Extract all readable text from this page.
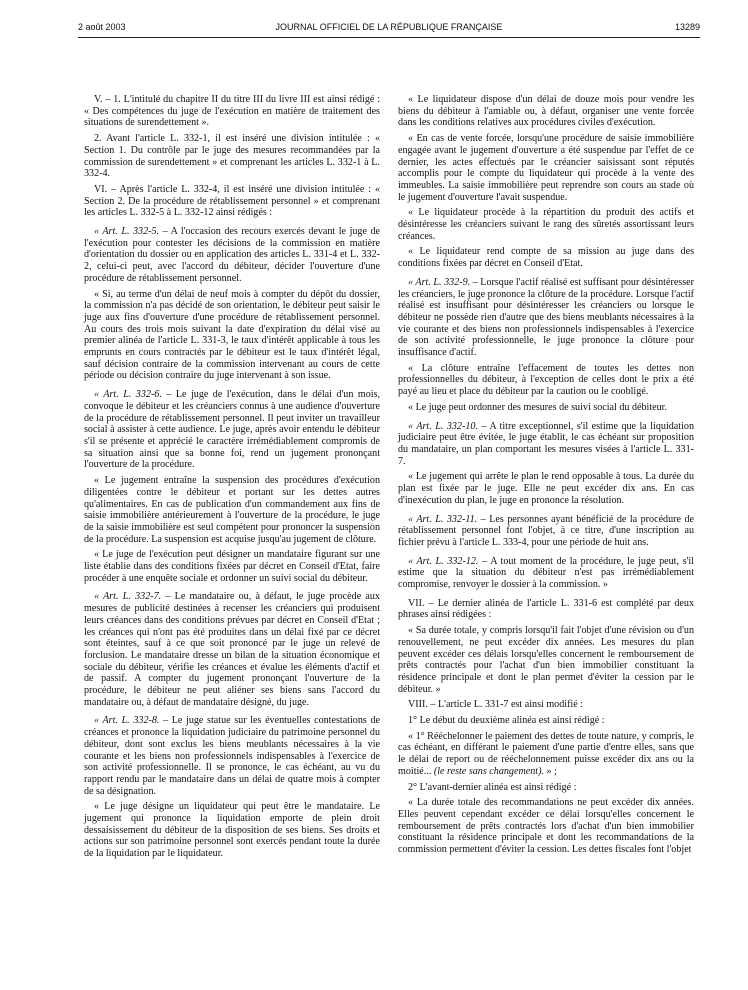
2 août 2003	JOURNAL OFFICIEL DE LA RÉPUBLIQUE FRANÇAISE	13289

V. – 1. L'intitulé du chapitre II du titre III du livre III est ainsi rédigé : « Des compétences du juge de l'exécution en matière de traitement des situations de surendettement ».

2. Avant l'article L. 332-1, il est inséré une division intitulée : « Section 1. Du contrôle par le juge des mesures recommandées par la commission de surendettement » et comprenant les articles L. 332-1 à L. 332-4.

VI. – Après l'article L. 332-4, il est inséré une division intitulée : « Section 2. De la procédure de rétablissement personnel » et comprenant les articles L. 332-5 à L. 332-12 ainsi rédigés :

« Art. L. 332-5. – A l'occasion des recours exercés devant le juge de l'exécution pour contester les décisions de la commission en matière d'orientation du dossier ou en application des articles L. 331-4 et L. 332-2, celui-ci peut, avec l'accord du débiteur, décider l'ouverture d'une procédure de rétablissement personnel.

« Si, au terme d'un délai de neuf mois à compter du dépôt du dossier, la commission n'a pas décidé de son orientation, le débiteur peut saisir le juge aux fins d'ouverture d'une procédure de rétablissement personnel. Au cours des trois mois suivant la date d'expiration du délai visé au premier alinéa de l'article L. 331-3, le taux d'intérêt applicable à tous les emprunts en cours contractés par le débiteur est le taux d'intérêt légal, sauf décision contraire de la commission intervenant au cours de cette période ou décision contraire du juge intervenant à son issue.

« Art. L. 332-6. – Le juge de l'exécution, dans le délai d'un mois, convoque le débiteur et les créanciers connus à une audience d'ouverture de la procédure de rétablissement personnel. Il peut inviter un travailleur social à assister à cette audience. Le juge, après avoir entendu le débiteur s'il se présente et apprécié le caractère irrémédiablement compromis de sa situation ainsi que sa bonne foi, rend un jugement prononçant l'ouverture de la procédure.

« Le jugement entraîne la suspension des procédures d'exécution diligentées contre le débiteur et portant sur les dettes autres qu'alimentaires. En cas de publication d'un commandement aux fins de saisie immobilière antérieurement à l'ouverture de la procédure, le juge de la saisie immobilière est seul compétent pour prononcer la suspension de la procédure. La suspension est acquise jusqu'au jugement de clôture.

« Le juge de l'exécution peut désigner un mandataire figurant sur une liste établie dans des conditions fixées par décret en Conseil d'Etat, faire procéder à une enquête sociale et ordonner un suivi social du débiteur.

« Art. L. 332-7. – Le mandataire ou, à défaut, le juge procède aux mesures de publicité destinées à recenser les créanciers qui produisent leurs créances dans des conditions prévues par décret en Conseil d'Etat ; les créances qui n'ont pas été produites dans un délai fixé par ce décret sont éteintes, sauf à ce que soit prononcé par le juge un relevé de forclusion. Le mandataire dresse un bilan de la situation économique et sociale du débiteur, vérifie les créances et évalue les éléments d'actif et de passif. A compter du jugement prononçant l'ouverture de la procédure, le débiteur ne peut aliéner ses biens sans l'accord du mandataire ou, à défaut de mandataire désigné, du juge.

« Art. L. 332-8. – Le juge statue sur les éventuelles contestations de créances et prononce la liquidation judiciaire du patrimoine personnel du débiteur, dont sont exclus les biens meublants nécessaires à la vie courante et les biens non professionnels indispensables à l'exercice de son activité professionnelle. Il se prononce, le cas échéant, au vu du rapport rendu par le mandataire dans un délai de quatre mois à compter de sa désignation.

« Le juge désigne un liquidateur qui peut être le mandataire. Le jugement qui prononce la liquidation emporte de plein droit dessaisissement du débiteur de la disposition de ses biens. Ses droits et actions sur son patrimoine personnel sont exercés pendant toute la durée de la liquidation par le liquidateur.

« Le liquidateur dispose d'un délai de douze mois pour vendre les biens du débiteur à l'amiable ou, à défaut, organiser une vente forcée dans les conditions relatives aux procédures civiles d'exécution.

« En cas de vente forcée, lorsqu'une procédure de saisie immobilière engagée avant le jugement d'ouverture a été suspendue par l'effet de ce dernier, les actes effectués par le créancier saisissant sont réputés accomplis pour le compte du liquidateur qui procède à la vente des immeubles. La saisie immobilière peut reprendre son cours au stade où le jugement d'ouverture l'avait suspendue.

« Le liquidateur procède à la répartition du produit des actifs et désintéresse les créanciers suivant le rang des sûretés assortissant leurs créances.

« Le liquidateur rend compte de sa mission au juge dans des conditions fixées par décret en Conseil d'Etat.

« Art. L. 332-9. – Lorsque l'actif réalisé est suffisant pour désintéresser les créanciers, le juge prononce la clôture de la procédure. Lorsque l'actif réalisé est insuffisant pour désintéresser les créanciers ou lorsque le débiteur ne possède rien d'autre que des biens meublants nécessaires à la vie courante et des biens non professionnels indispensables à l'exercice de son activité professionnelle, le juge prononce la clôture pour insuffisance d'actif.

« La clôture entraîne l'effacement de toutes les dettes non professionnelles du débiteur, à l'exception de celles dont le prix a été payé au lieu et place du débiteur par la caution ou le coobligé.

« Le juge peut ordonner des mesures de suivi social du débiteur.

« Art. L. 332-10. – A titre exceptionnel, s'il estime que la liquidation judiciaire peut être évitée, le juge établit, le cas échéant sur proposition du mandataire, un plan comportant les mesures visées à l'article L. 331-7.

« Le jugement qui arrête le plan le rend opposable à tous. La durée du plan est fixée par le juge. Elle ne peut excéder dix ans. En cas d'inexécution du plan, le juge en prononce la résolution.

« Art. L. 332-11. – Les personnes ayant bénéficié de la procédure de rétablissement personnel font l'objet, à ce titre, d'une inscription au fichier prévu à l'article L. 333-4, pour une période de huit ans.

« Art. L. 332-12. – A tout moment de la procédure, le juge peut, s'il estime que la situation du débiteur n'est pas irrémédiablement compromise, renvoyer le dossier à la commission. »

VII. – Le dernier alinéa de l'article L. 331-6 est complété par deux phrases ainsi rédigées :

« Sa durée totale, y compris lorsqu'il fait l'objet d'une révision ou d'un renouvellement, ne peut excéder dix années. Les mesures du plan peuvent excéder ces délais lorsqu'elles concernent le remboursement de prêts contractés pour l'achat d'un bien immobilier constituant la résidence principale et dont le plan permet d'éviter la cession par le débiteur. »

VIII. – L'article L. 331-7 est ainsi modifié :

1° Le début du deuxième alinéa est ainsi rédigé :

« 1° Rééchelonner le paiement des dettes de toute nature, y compris, le cas échéant, en différant le paiement d'une partie d'entre elles, sans que le délai de report ou de rééchelonnement puisse excéder dix ans ou la moitié... (le reste sans changement). » ;

2° L'avant-dernier alinéa est ainsi rédigé :

« La durée totale des recommandations ne peut excéder dix années. Elles peuvent cependant excéder ce délai lorsqu'elles concernent le remboursement de prêts contractés lors d'achat d'un bien immobilier constituant la résidence principale et dont les recommandations de la commission permettent d'éviter la cession. Les dettes fiscales font l'objet
